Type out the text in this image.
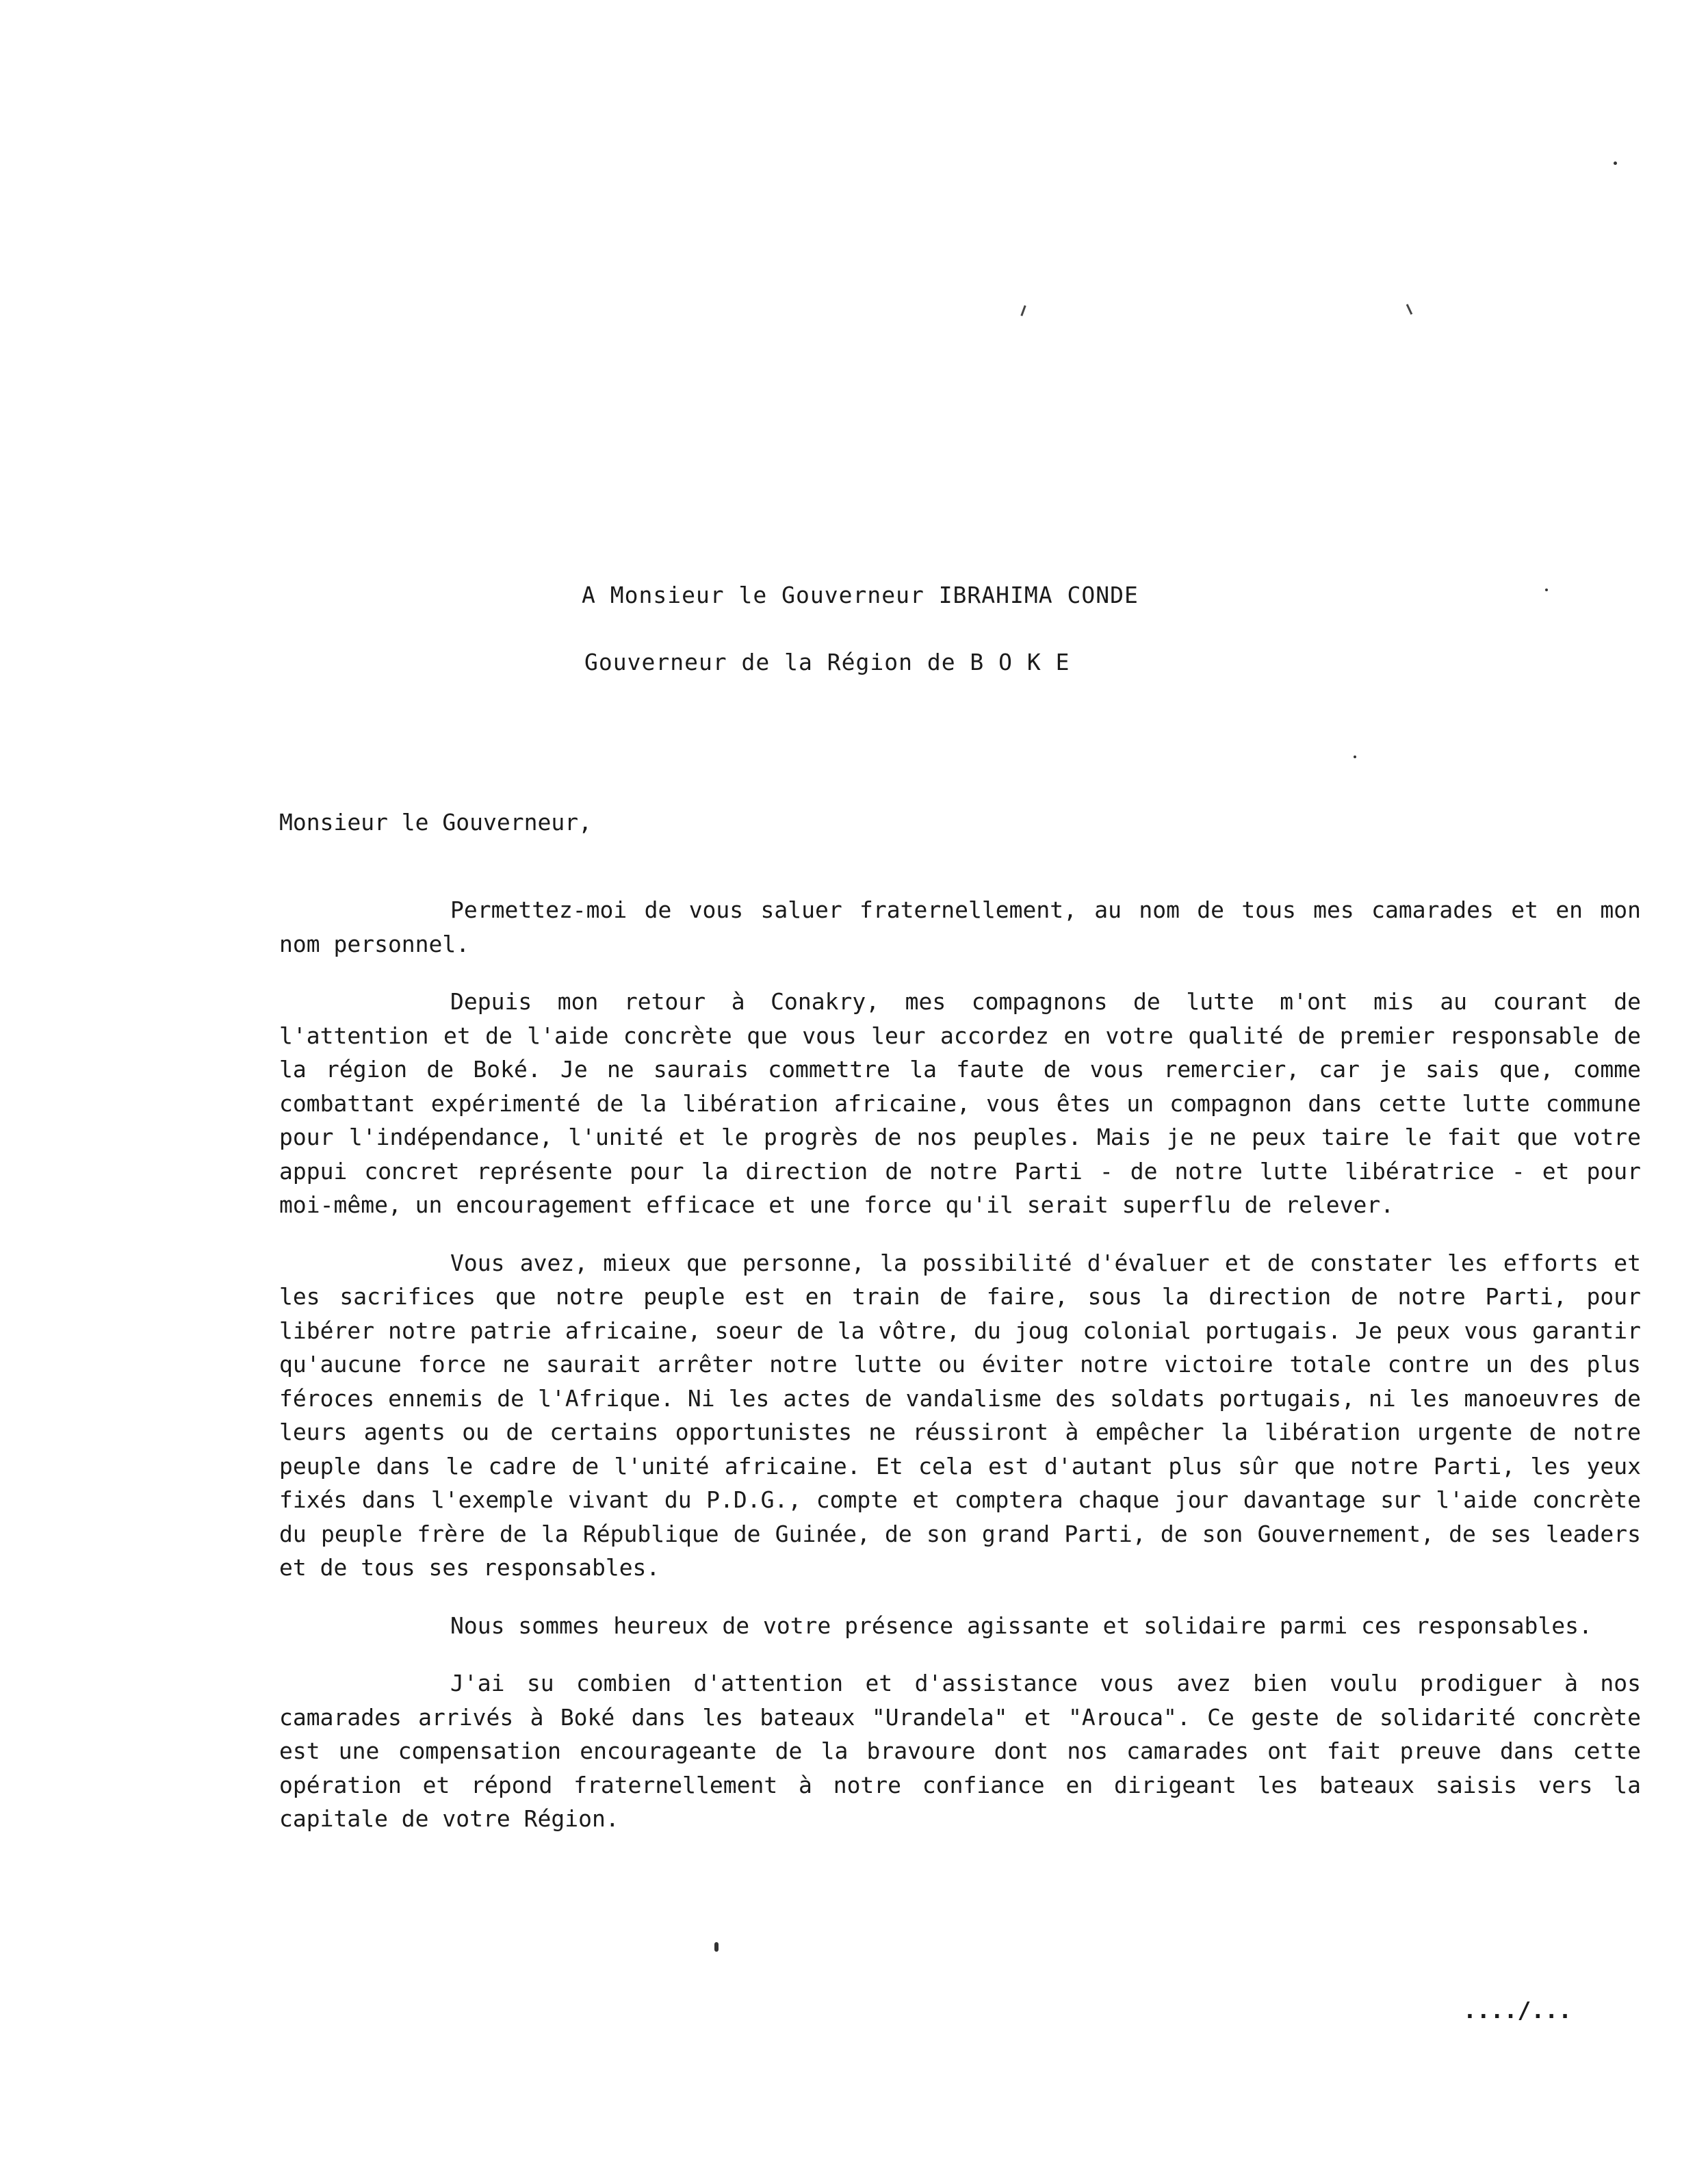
A Monsieur le Gouverneur IBRAHIMA CONDE
Gouverneur de la Région de B O K E
Monsieur le Gouverneur,

Permettez-moi de vous saluer fraternellement, au nom de tous mes camarades et en mon nom personnel.

Depuis mon retour à Conakry, mes compagnons de lutte m'ont mis au courant de l'attention et de l'aide concrète que vous leur accordez en votre qualité de premier responsable de la région de Boké. Je ne saurais commettre la faute de vous remercier, car je sais que, comme combattant expérimenté de la libération africaine, vous êtes un compagnon dans cette lutte commune pour l'indépendance, l'unité et le progrès de nos peuples. Mais je ne peux taire le fait que votre appui concret représente pour la direction de notre Parti - de notre lutte libératrice - et pour moi-même, un encouragement efficace et une force qu'il serait superflu de relever.

Vous avez, mieux que personne, la possibilité d'évaluer et de constater les efforts et les sacrifices que notre peuple est en train de faire, sous la direction de notre Parti, pour libérer notre patrie africaine, soeur de la vôtre, du joug colonial portugais. Je peux vous garantir qu'aucune force ne saurait arrêter notre lutte ou éviter notre victoire totale contre un des plus féroces ennemis de l'Afrique. Ni les actes de vandalisme des soldats portugais, ni les manoeuvres de leurs agents ou de certains opportunistes ne réussiront à empêcher la libération urgente de notre peuple dans le cadre de l'unité africaine. Et cela est d'autant plus sûr que notre Parti, les yeux fixés dans l'exemple vivant du P.D.G., compte et comptera chaque jour davantage sur l'aide concrète du peuple frère de la République de Guinée, de son grand Parti, de son Gouvernement, de ses leaders et de tous ses responsables.

Nous sommes heureux de votre présence agissante et solidaire parmi ces responsables.

J'ai su combien d'attention et d'assistance vous avez bien voulu prodiguer à nos camarades arrivés à Boké dans les bateaux "Urandela" et "Arouca". Ce geste de solidarité concrète est une compensation encourageante de la bravoure dont nos camarades ont fait preuve dans cette opération et répond fraternellement à notre confiance en dirigeant les bateaux saisis vers la capitale de votre Région.

..../...
